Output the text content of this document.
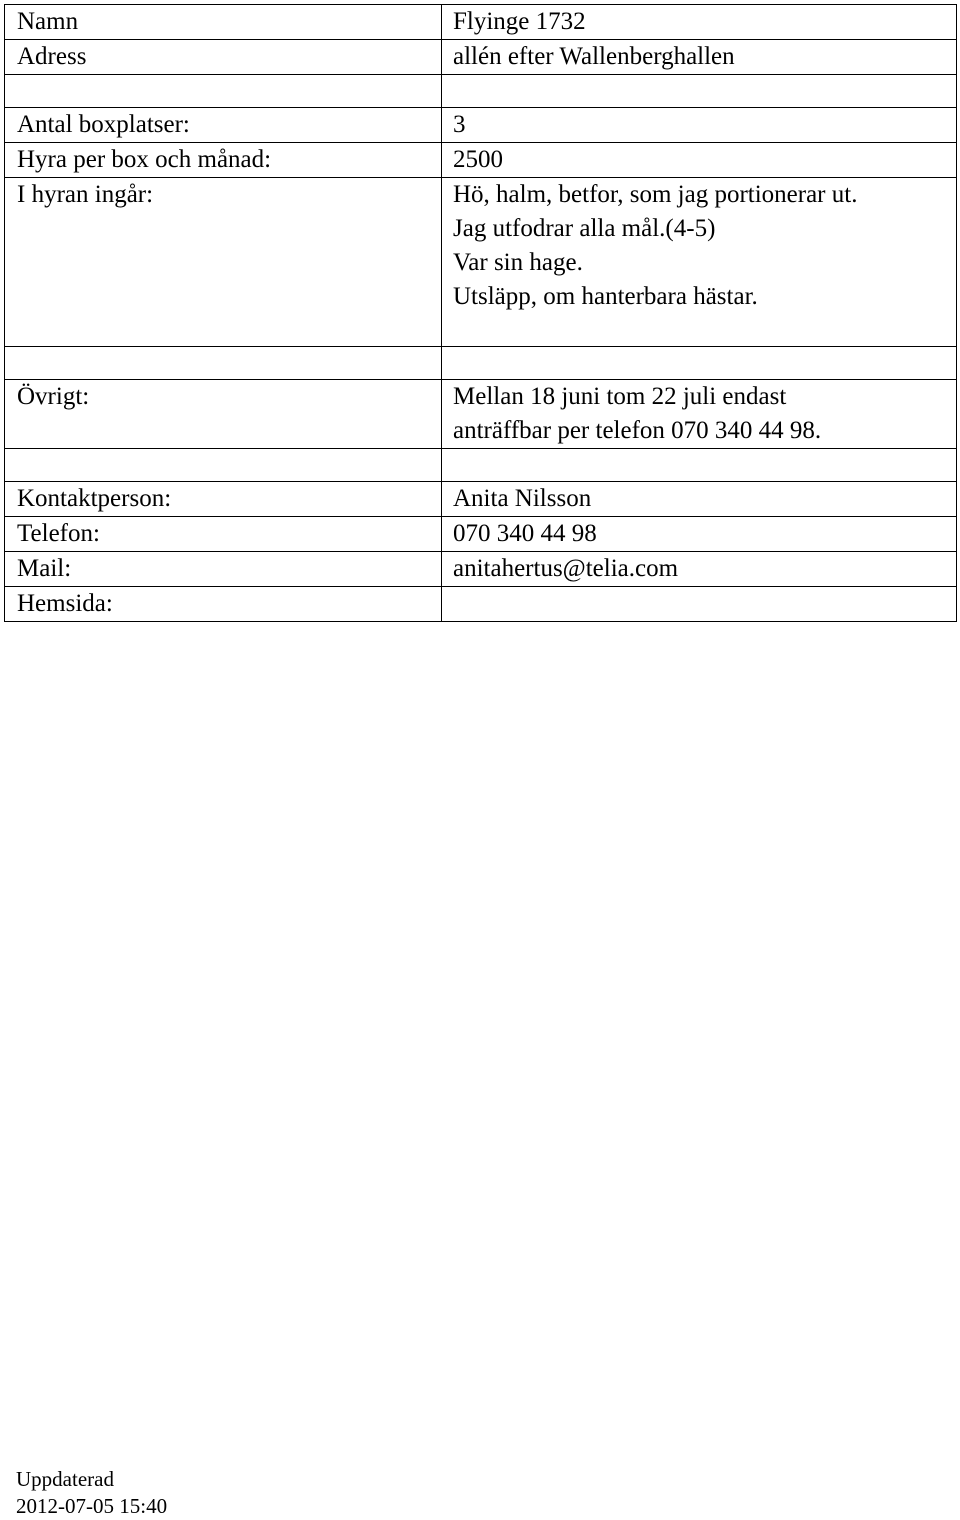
Namn	Flyinge 1732
Adress	allén efter Wallenberghallen

Antal boxplatser:	3
Hyra per box och månad:	2500
I hyran ingår:	Hö, halm, betfor, som jag portionerar ut.
Jag utfodrar alla mål.(4-5)
Var sin hage.
Utsläpp, om hanterbara hästar.

Övrigt:	Mellan 18 juni tom 22 juli endast
anträffbar per telefon 070 340 44 98.

Kontaktperson:	Anita Nilsson
Telefon:	070 340 44 98
Mail:	anitahertus@telia.com
Hemsida:	
Uppdaterad
2012-07-05 15:40
